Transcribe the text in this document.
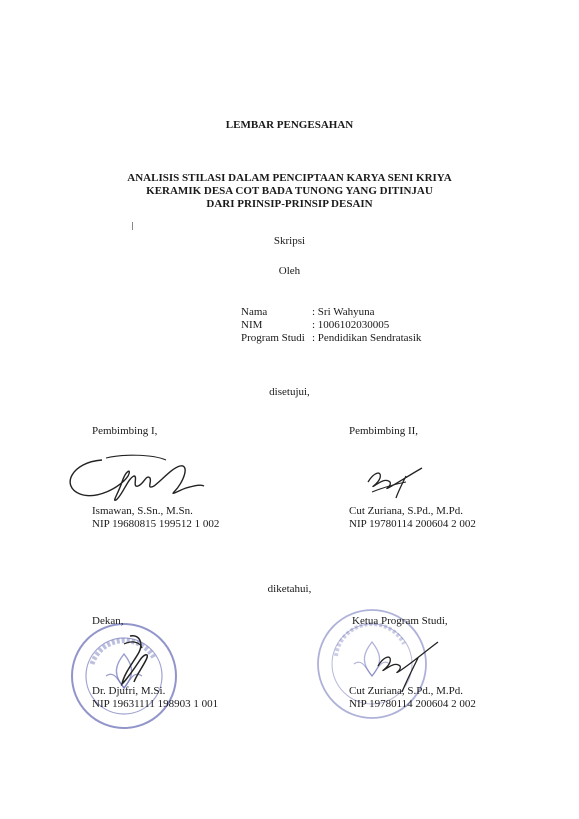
LEMBAR PENGESAHAN
ANALISIS STILASI DALAM PENCIPTAAN KARYA SENI KRIYA
KERAMIK DESA COT BADA TUNONG YANG DITINJAU
DARI PRINSIP-PRINSIP DESAIN
Skripsi
Oleh
Nama	: Sri Wahyuna
NIM	: 1006102030005
Program Studi : Pendidikan Sendratasik
disetujui,
Pembimbing I,
Ismawan, S.Sn., M.Sn.
NIP 19680815 199512 1 002
Pembimbing II,
Cut Zuriana, S.Pd., M.Pd.
NIP 19780114 200604 2 002
diketahui,
Dekan,
Dr. Djufri, M.Si.
NIP 19631111 198903 1 001
Ketua Program Studi,
Cut Zuriana, S.Pd., M.Pd.
NIP 19780114 200604 2 002
